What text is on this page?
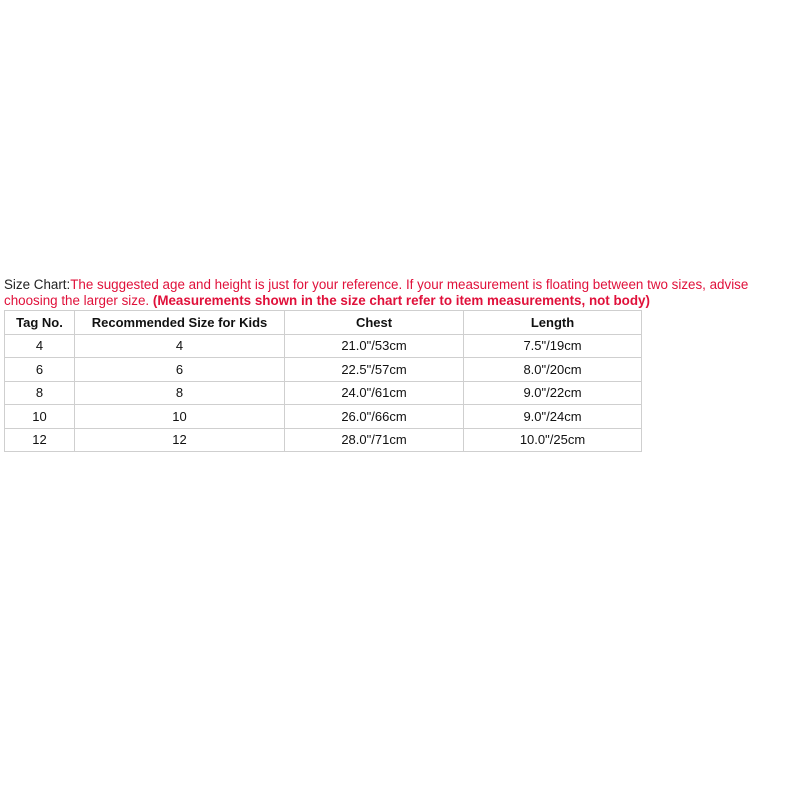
Size Chart:The suggested age and height is just for your reference. If your measurement is floating between two sizes, advise choosing the larger size. (Measurements shown in the size chart refer to item measurements, not body)
Tag No.	Recommended Size for Kids	Chest	Length
4	4	21.0"/53cm	7.5"/19cm
6	6	22.5"/57cm	8.0"/20cm
8	8	24.0"/61cm	9.0"/22cm
10	10	26.0"/66cm	9.0"/24cm
12	12	28.0"/71cm	10.0"/25cm
